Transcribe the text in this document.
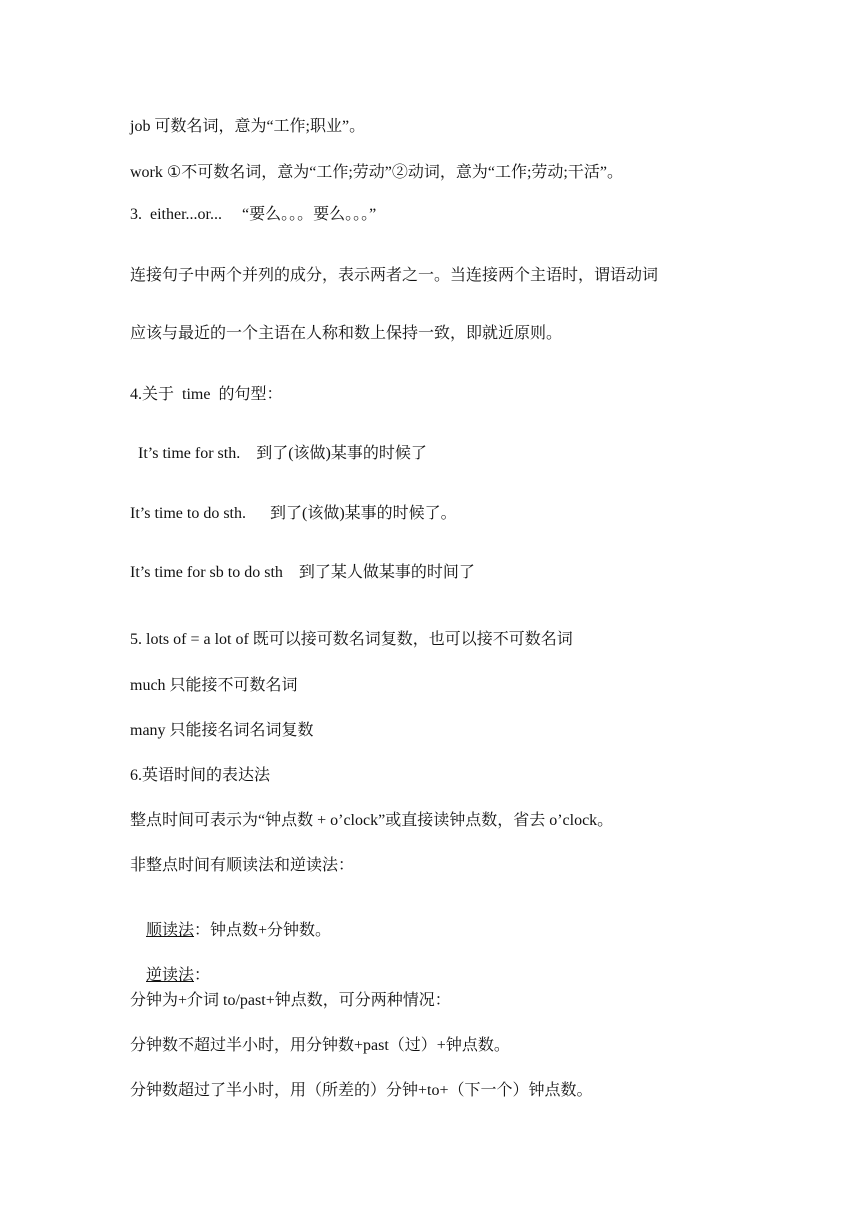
job 可数名词，意为“工作;职业”。
work ①不可数名词，意为“工作;劳动”②动词，意为“工作;劳动;干活”。
3.  either...or...     “要么。。。要么。。。”
连接句子中两个并列的成分，表示两者之一。当连接两个主语时，谓语动词
应该与最近的一个主语在人称和数上保持一致，即就近原则。
4.关于  time  的句型：
It’s time for sth.    到了(该做)某事的时候了
It’s time to do sth.      到了(该做)某事的时候了。
It’s time for sb to do sth    到了某人做某事的时间了
5. lots of = a lot of 既可以接可数名词复数，也可以接不可数名词
much 只能接不可数名词
many 只能接名词名词复数
6.英语时间的表达法
整点时间可表示为“钟点数 + o’clock”或直接读钟点数，省去 o’clock。
非整点时间有顺读法和逆读法：

顺读法：钟点数+分钟数。

逆读法：

分钟为+介词 to/past+钟点数，可分两种情况：
分钟数不超过半小时，用分钟数+past（过）+钟点数。
分钟数超过了半小时，用（所差的）分钟+to+（下一个）钟点数。
